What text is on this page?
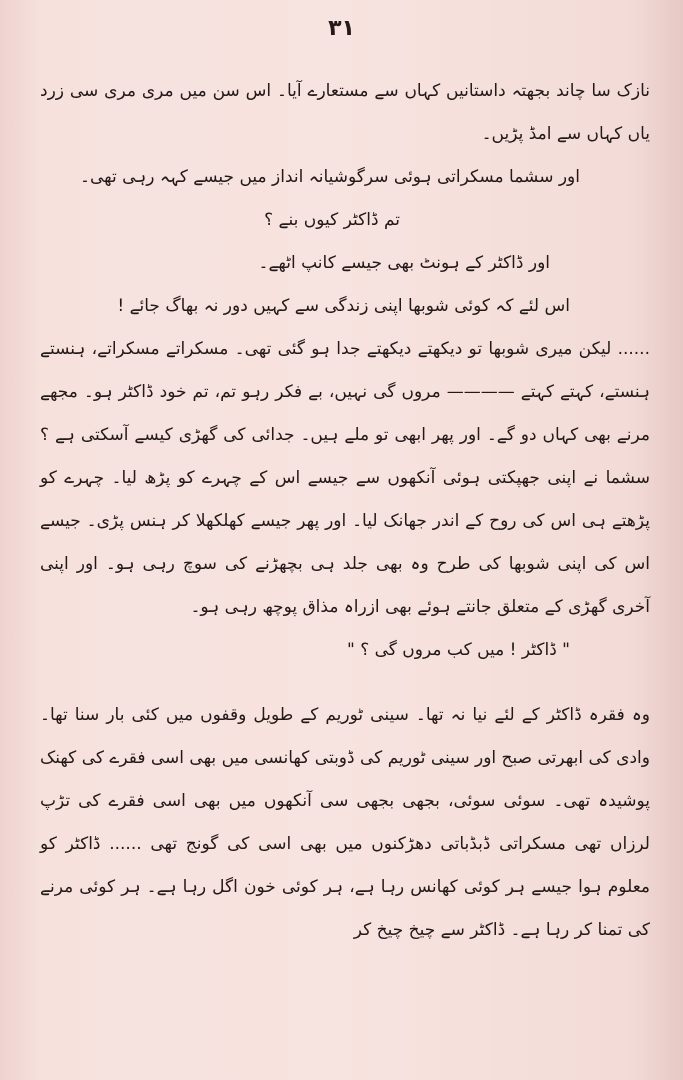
۳۱

نازک سا چاند بجھتہ داستانیں کہاں سے مستعارے آیا۔ اس سن میں مری مری سی زرد یاں کہاں سے امڈ پڑیں۔

اور سشما مسکراتی ہوئی سرگوشیانہ انداز میں جیسے کہہ رہی تھی۔

تم ڈاکٹر کیوں بنے ؟

اور ڈاکٹر کے ہونٹ بھی جیسے کانپ اٹھے۔

اس لئے کہ کوئی شوبھا اپنی زندگی سے کہیں دور نہ بھاگ جائے !

...... لیکن میری شوبھا تو دیکھتے دیکھتے جدا ہو گئی تھی۔ مسکراتے مسکراتے، ہنستے ہنستے، کہتے کہتے ———— مروں گی نہیں، بے فکر رہو تم، تم خود ڈاکٹر ہو۔ مجھے مرنے بھی کہاں دو گے۔ اور پھر ابھی تو ملے ہیں۔ جدائی کی گھڑی کیسے آسکتی ہے ؟ سشما نے اپنی جھپکتی ہوئی آنکھوں سے جیسے اس کے چہرے کو پڑھ لیا۔ چہرے کو پڑھتے ہی اس کی روح کے اندر جھانک لیا۔ اور پھر جیسے کھلکھلا کر ہنس پڑی۔ جیسے اس کی اپنی شوبھا کی طرح وہ بھی جلد ہی بچھڑنے کی سوچ رہی ہو۔ اور اپنی آخری گھڑی کے متعلق جانتے ہوئے بھی ازراہ مذاق پوچھ رہی ہو۔

" ڈاکٹر ! میں کب مروں گی ؟ "

وہ فقرہ ڈاکٹر کے لئے نیا نہ تھا۔ سینی ٹوریم کے طویل وقفوں میں کئی بار سنا تھا۔ وادی کی ابھرتی صبح اور سینی ٹوریم کی ڈوبتی کھانسی میں بھی اسی فقرے کی کھنک پوشیدہ تھی۔ سوئی سوئی، بجھی بجھی سی آنکھوں میں بھی اسی فقرے کی تڑپ لرزاں تھی مسکراتی ڈبڈباتی دھڑکنوں میں بھی اسی کی گونج تھی ...... ڈاکٹر کو معلوم ہوا جیسے ہر کوئی کھانس رہا ہے، ہر کوئی خون اگل رہا ہے۔ ہر کوئی مرنے کی تمنا کر رہا ہے۔ ڈاکٹر سے چیخ چیخ کر
